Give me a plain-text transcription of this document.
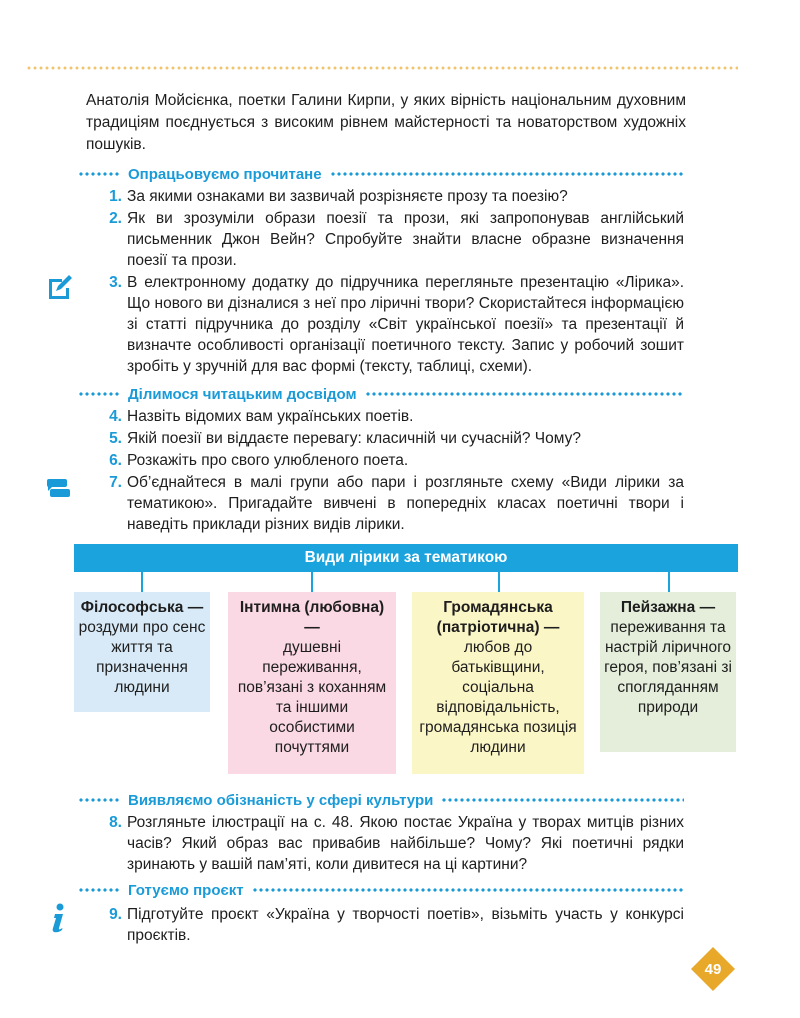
Анатолія Мойсієнка, поетки Галини Кирпи, у яких вірність національним духовним традиціям поєднується з високим рівнем майстерності та новаторством художніх пошуків.

Опрацьовуємо прочитане
1. За якими ознаками ви зазвичай розрізняєте прозу та поезію?
2. Як ви зрозуміли образи поезії та прози, які запропонував англійський письменник Джон Вейн? Спробуйте знайти власне образне визначення поезії та прози.
3. В електронному додатку до підручника перегляньте презентацію «Лірика». Що нового ви дізналися з неї про ліричні твори? Скористайтеся інформацією зі статті підручника до розділу «Світ української поезії» та презентації й визначте особливості організації поетичного тексту. Запис у робочий зошит зробіть у зручній для вас формі (тексту, таблиці, схеми).
Ділимося читацьким досвідом
4. Назвіть відомих вам українських поетів.
5. Якій поезії ви віддаєте перевагу: класичній чи сучасній? Чому?
6. Розкажіть про свого улюбленого поета.
7. Об’єднайтеся в малі групи або пари і розгляньте схему «Види лірики за тематикою». Пригадайте вивчені в попередніх класах поетичні твори і наведіть приклади різних видів лірики.
Види лірики за тематикою
Філософська —
роздуми про сенс життя та призначення людини
Інтимна (любовна) —
душевні переживання, пов’язані з коханням та іншими особистими почуттями
Громадянська (патріотична) —
любов до батьківщини, соціальна відповідальність, громадянська позиція людини
Пейзажна —
переживання та настрій ліричного героя, пов’язані зі спогляданням природи
Виявляємо обізнаність у сфері культури
8. Розгляньте ілюстрації на с. 48. Якою постає Україна у творах митців різних часів? Який образ вас привабив найбільше? Чому? Які поетичні рядки зринають у вашій пам’яті, коли дивитеся на ці картини?
Готуємо проєкт
9. Підготуйте проєкт «Україна у творчості поетів», візьміть участь у конкурсі проєктів.
49
